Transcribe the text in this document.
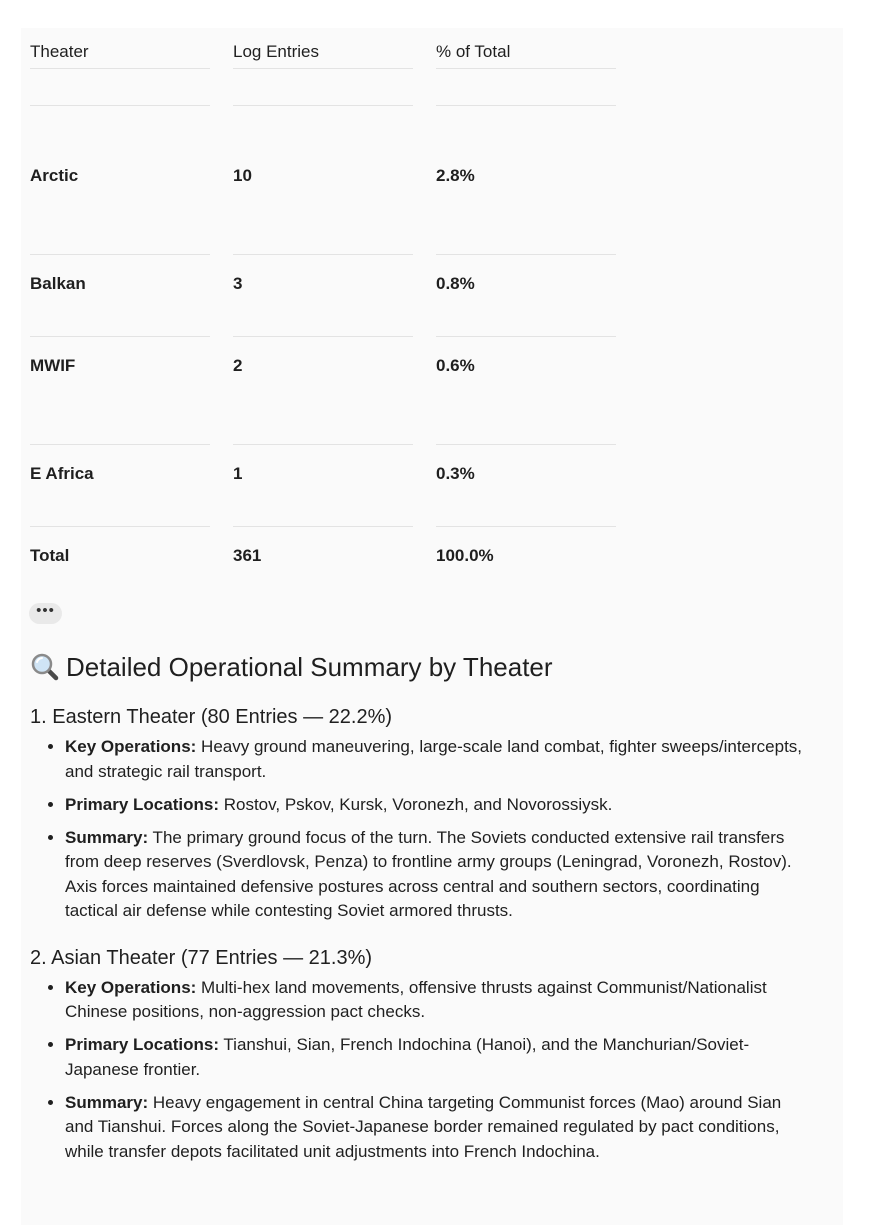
Theater
Arctic
Balkan
MWIF
E Africa
Total
Log Entries
10
3
2
1
361
% of Total
2.8%
0.8%
0.6%
0.3%
100.0%
•••
Detailed Operational Summary by Theater
1. Eastern Theater (80 Entries — 22.2%)
• Key Operations: Heavy ground maneuvering, large-scale land combat, fighter sweeps/intercepts, and strategic rail transport.
• Primary Locations: Rostov, Pskov, Kursk, Voronezh, and Novorossiysk.
• Summary: The primary ground focus of the turn. The Soviets conducted extensive rail transfers from deep reserves (Sverdlovsk, Penza) to frontline army groups (Leningrad, Voronezh, Rostov). Axis forces maintained defensive postures across central and southern sectors, coordinating tactical air defense while contesting Soviet armored thrusts.
2. Asian Theater (77 Entries — 21.3%)
• Key Operations: Multi-hex land movements, offensive thrusts against Communist/Nationalist Chinese positions, non-aggression pact checks.
• Primary Locations: Tianshui, Sian, French Indochina (Hanoi), and the Manchurian/Soviet-Japanese frontier.
• Summary: Heavy engagement in central China targeting Communist forces (Mao) around Sian and Tianshui. Forces along the Soviet-Japanese border remained regulated by pact conditions, while transfer depots facilitated unit adjustments into French Indochina.
